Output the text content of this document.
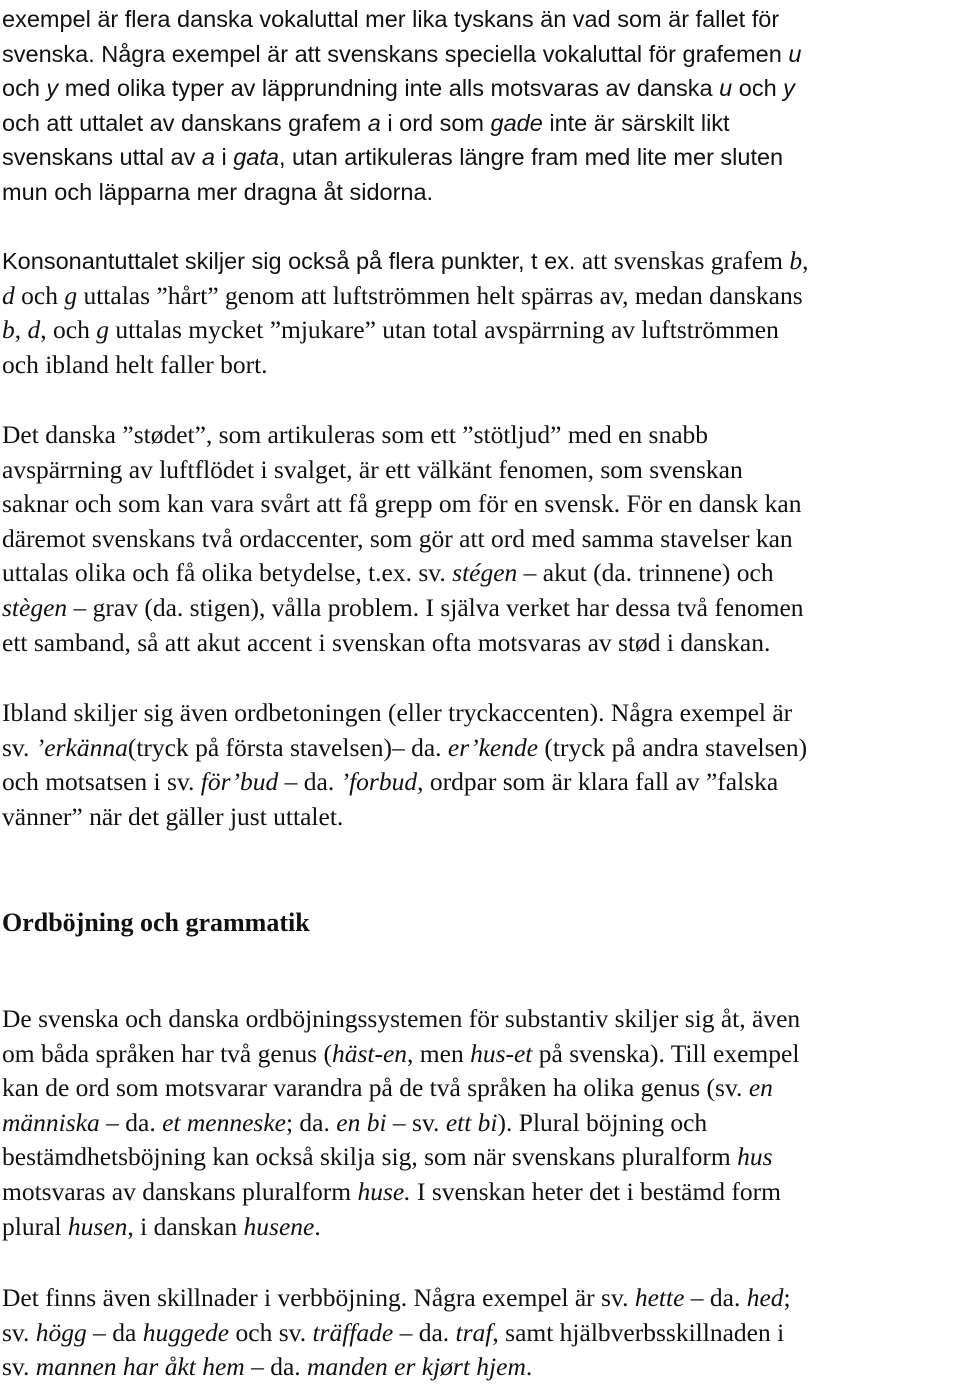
exempel är flera danska vokaluttal mer lika tyskans än vad som är fallet för
svenska. Några exempel är att svenskans speciella vokaluttal för grafemen u
och y med olika typer av läpprundning inte alls motsvaras av danska u och y
och att uttalet av danskans grafem a i ord som gade inte är särskilt likt
svenskans uttal av a i gata, utan artikuleras längre fram med lite mer sluten
mun och läpparna mer dragna åt sidorna.

Konsonantuttalet skiljer sig också på flera punkter, t ex. att svenskas grafem b,
d och g uttalas ”hårt” genom att luftströmmen helt spärras av, medan danskans
b, d, och g uttalas mycket ”mjukare” utan total avspärrning av luftströmmen
och ibland helt faller bort.

Det danska ”stødet”, som artikuleras som ett ”stötljud” med en snabb
avspärrning av luftflödet i svalget, är ett välkänt fenomen, som svenskan
saknar och som kan vara svårt att få grepp om för en svensk. För en dansk kan
däremot svenskans två ordaccenter, som gör att ord med samma stavelser kan
uttalas olika och få olika betydelse, t.ex. sv. stégen – akut (da. trinnene) och
stègen – grav (da. stigen), vålla problem. I själva verket har dessa två fenomen
ett samband, så att akut accent i svenskan ofta motsvaras av stød i danskan.

Ibland skiljer sig även ordbetoningen (eller tryckaccenten). Några exempel är
sv. ’erkänna(tryck på första stavelsen)– da. er’kende (tryck på andra stavelsen)
och motsatsen i sv. för’bud – da. ’forbud, ordpar som är klara fall av ”falska
vänner” när det gäller just uttalet.

Ordböjning och grammatik

De svenska och danska ordböjningssystemen för substantiv skiljer sig åt, även
om båda språken har två genus (häst-en, men hus-et på svenska). Till exempel
kan de ord som motsvarar varandra på de två språken ha olika genus (sv. en
människa – da. et menneske; da. en bi – sv. ett bi). Plural böjning och
bestämdhetsböjning kan också skilja sig, som när svenskans pluralform hus
motsvaras av danskans pluralform huse. I svenskan heter det i bestämd form
plural husen, i danskan husene.

Det finns även skillnader i verbböjning. Några exempel är sv. hette – da. hed;
sv. högg – da huggede och sv. träffade – da. traf, samt hjälbverbsskillnaden i
sv. mannen har åkt hem – da. manden er kjørt hjem.
